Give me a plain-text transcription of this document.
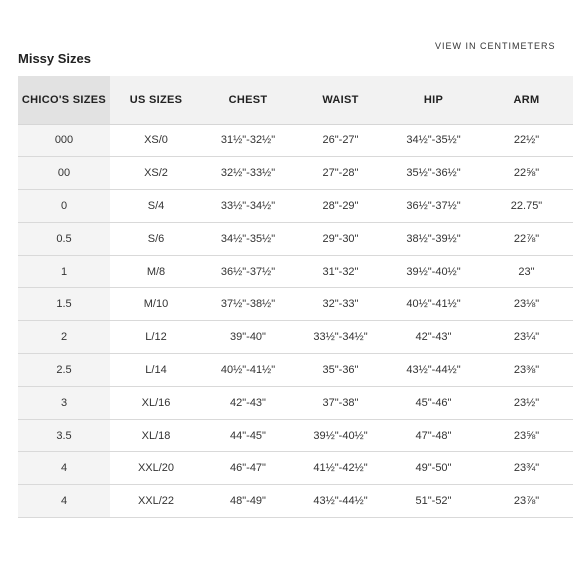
Missy Sizes
VIEW IN CENTIMETERS
CHICO'S SIZES	US SIZES	CHEST	WAIST	HIP	ARM
000	XS/0	31½"-32½"	26"-27"	34½"-35½"	22½"
00	XS/2	32½"-33½"	27"-28"	35½"-36½"	22⅝"
0	S/4	33½"-34½"	28"-29"	36½"-37½"	22.75"
0.5	S/6	34½"-35½"	29"-30"	38½"-39½"	22⅞"
1	M/8	36½"-37½"	31"-32"	39½"-40½"	23"
1.5	M/10	37½"-38½"	32"-33"	40½"-41½"	23⅛"
2	L/12	39"-40"	33½"-34½"	42"-43"	23¼"
2.5	L/14	40½"-41½"	35"-36"	43½"-44½"	23⅜"
3	XL/16	42"-43"	37"-38"	45"-46"	23½"
3.5	XL/18	44"-45"	39½"-40½"	47"-48"	23⅝"
4	XXL/20	46"-47"	41½"-42½"	49"-50"	23¾"
4	XXL/22	48"-49"	43½"-44½"	51"-52"	23⅞"
